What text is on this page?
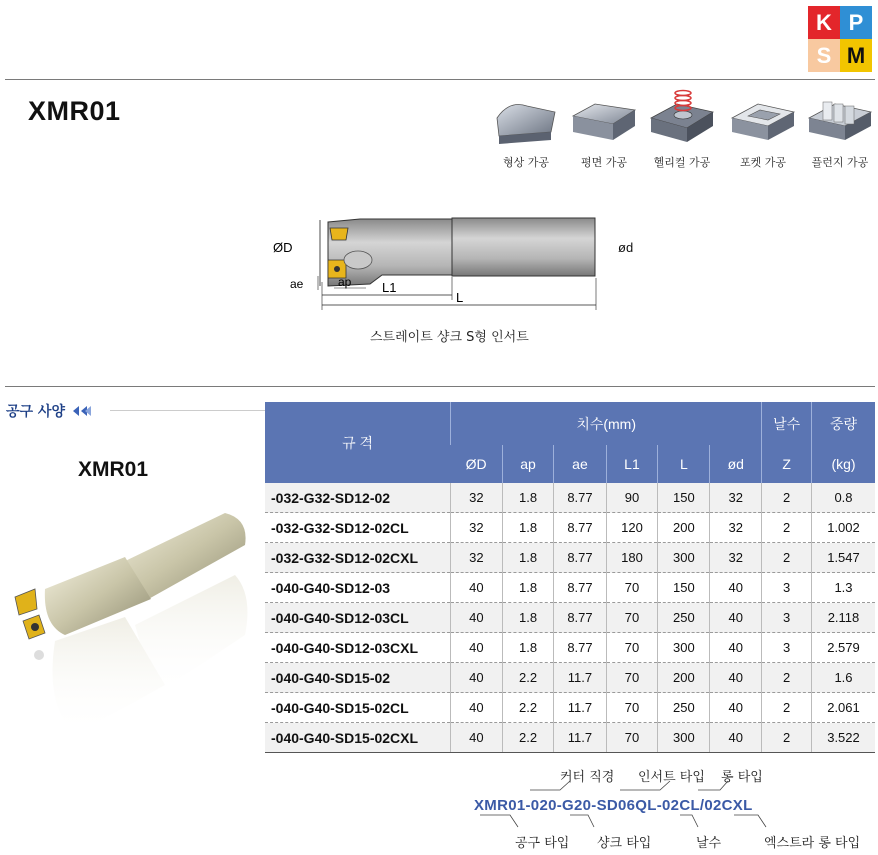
K P
S M
XMR01
형상 가공	평면 가공	헬리컬 가공	포켓 가공	플런지 가공
ØD
ae	ap L1
L
ød
스트레이트 샹크 S형 인서트
공구 사양
XMR01
규 격	치수(mm)						날수	중량
	ØD	ap	ae	L1	L	ød	Z	(kg)
-032-G32-SD12-02	32	1.8	8.77	90	150	32	2	0.8
-032-G32-SD12-02CL	32	1.8	8.77	120	200	32	2	1.002
-032-G32-SD12-02CXL	32	1.8	8.77	180	300	32	2	1.547
-040-G40-SD12-03	40	1.8	8.77	70	150	40	3	1.3
-040-G40-SD12-03CL	40	1.8	8.77	70	250	40	3	2.118
-040-G40-SD12-03CXL	40	1.8	8.77	70	300	40	3	2.579
-040-G40-SD15-02	40	2.2	11.7	70	200	40	2	1.6
-040-G40-SD15-02CL	40	2.2	11.7	70	250	40	2	2.061
-040-G40-SD15-02CXL	40	2.2	11.7	70	300	40	2	3.522
커터 직경 인서트 타입 롱 타입
XMR01-020-G20-SD06QL-02CL/02CXL
공구 타입 샹크 타입	날수	엑스트라 롱 타입
